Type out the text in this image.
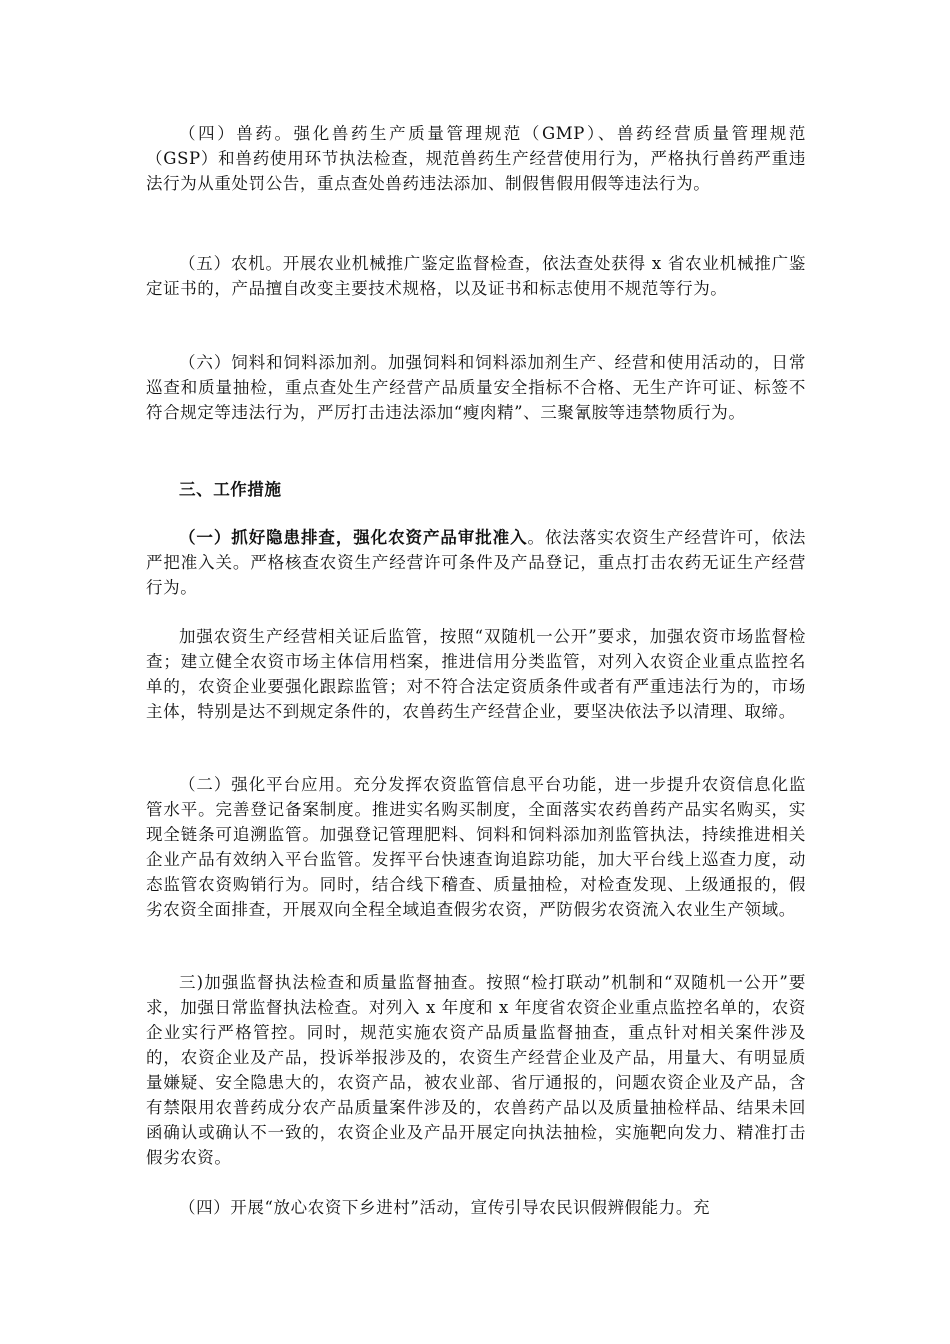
（四）兽药。强化兽药生产质量管理规范（GMP）、兽药经营质量管理规范（GSP）和兽药使用环节执法检查，规范兽药生产经营使用行为，严格执行兽药严重违法行为从重处罚公告，重点查处兽药违法添加、制假售假用假等违法行为。

（五）农机。开展农业机械推广鉴定监督检查，依法查处获得 x 省农业机械推广鉴定证书的，产品擅自改变主要技术规格，以及证书和标志使用不规范等行为。

（六）饲料和饲料添加剂。加强饲料和饲料添加剂生产、经营和使用活动的，日常巡查和质量抽检，重点查处生产经营产品质量安全指标不合格、无生产许可证、标签不符合规定等违法行为，严厉打击违法添加“瘦肉精”、三聚氰胺等违禁物质行为。

三、工作措施

（一）抓好隐患排查，强化农资产品审批准入。依法落实农资生产经营许可，依法严把准入关。严格核查农资生产经营许可条件及产品登记，重点打击农药无证生产经营行为。

加强农资生产经营相关证后监管，按照“双随机一公开”要求，加强农资市场监督检查；建立健全农资市场主体信用档案，推进信用分类监管，对列入农资企业重点监控名单的，农资企业要强化跟踪监管；对不符合法定资质条件或者有严重违法行为的，市场主体，特别是达不到规定条件的，农兽药生产经营企业，要坚决依法予以清理、取缔。

（二）强化平台应用。充分发挥农资监管信息平台功能，进一步提升农资信息化监管水平。完善登记备案制度。推进实名购买制度，全面落实农药兽药产品实名购买，实现全链条可追溯监管。加强登记管理肥料、饲料和饲料添加剂监管执法，持续推进相关企业产品有效纳入平台监管。发挥平台快速查询追踪功能，加大平台线上巡查力度，动态监管农资购销行为。同时，结合线下稽查、质量抽检，对检查发现、上级通报的，假劣农资全面排查，开展双向全程全域追查假劣农资，严防假劣农资流入农业生产领域。

三)加强监督执法检查和质量监督抽查。按照“检打联动”机制和“双随机一公开”要求，加强日常监督执法检查。对列入 x 年度和 x 年度省农资企业重点监控名单的，农资企业实行严格管控。同时，规范实施农资产品质量监督抽查，重点针对相关案件涉及的，农资企业及产品，投诉举报涉及的，农资生产经营企业及产品，用量大、有明显质量嫌疑、安全隐患大的，农资产品，被农业部、省厅通报的，问题农资企业及产品，含有禁限用农普药成分农产品质量案件涉及的，农兽药产品以及质量抽检样品、结果未回函确认或确认不一致的，农资企业及产品开展定向执法抽检，实施靶向发力、精准打击假劣农资。

（四）开展“放心农资下乡进村”活动，宣传引导农民识假辨假能力。充
